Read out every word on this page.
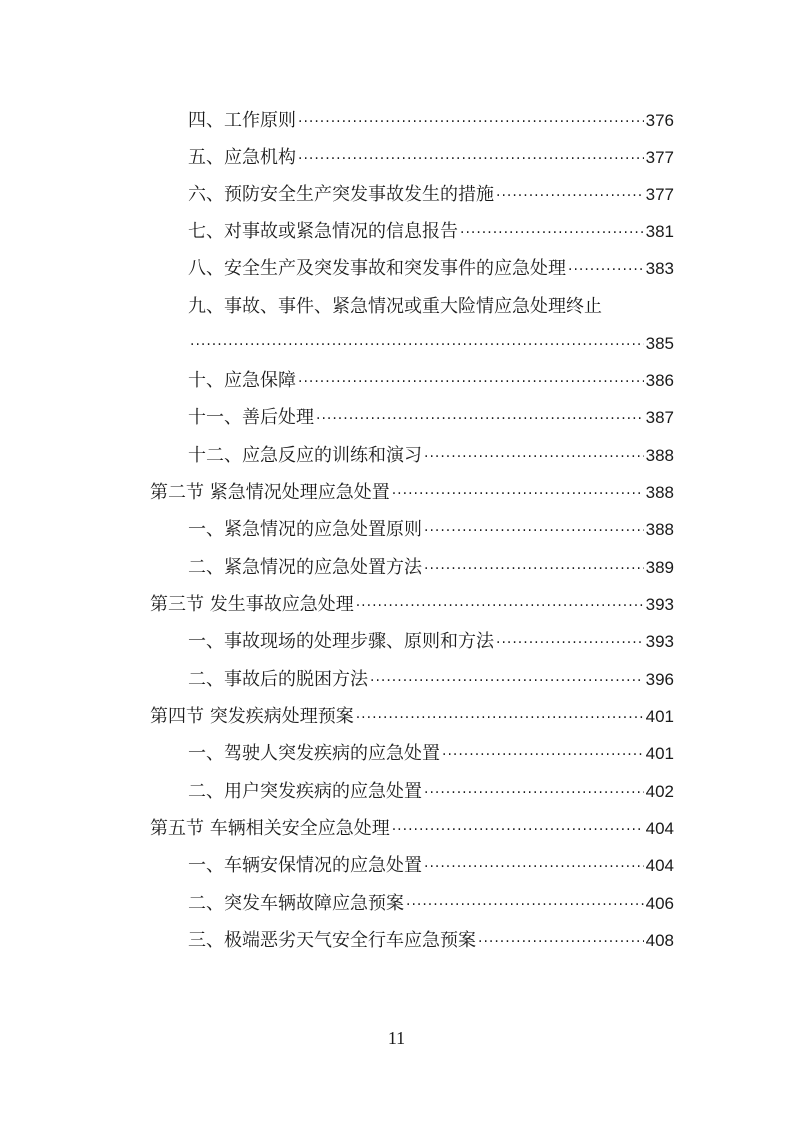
四、工作原则 ·····	376
五、应急机构 ·····	377
六、预防安全生产突发事故发生的措施 ·····	377
七、对事故或紧急情况的信息报告 ·····	381
八、安全生产及突发事故和突发事件的应急处理 ·····	383
九、事故、事件、紧急情况或重大险情应急处理终止
·····
385
十、应急保障 ·····	386
十一、善后处理 ·····	387
十二、应急反应的训练和演习 ·····	388
第二节 紧急情况处理应急处置 ·····	388
一、紧急情况的应急处置原则 ·····	388
二、紧急情况的应急处置方法 ·····	389
第三节 发生事故应急处理 ·····	393
一、事故现场的处理步骤、原则和方法 ·····	393
二、事故后的脱困方法 ·····	396
第四节 突发疾病处理预案 ·····	401
一、驾驶人突发疾病的应急处置 ·····	401
二、用户突发疾病的应急处置 ·····	402
第五节 车辆相关安全应急处理 ·····	404
一、车辆安保情况的应急处置 ·····	404
二、突发车辆故障应急预案 ·····	406
三、极端恶劣天气安全行车应急预案 ·····	408
11
